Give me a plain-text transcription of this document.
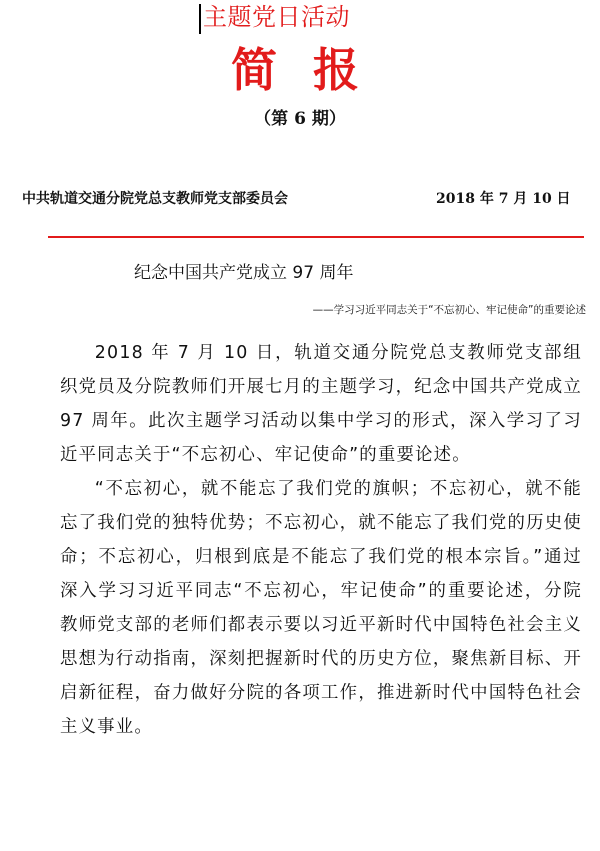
主题党日活动
简 报
（第 6 期）
中共轨道交通分院党总支教师党支部委员会	2018 年 7 月 10 日
纪念中国共产党成立 97 周年
——学习习近平同志关于“不忘初心、牢记使命”的重要论述

2018 年 7 月 10 日，轨道交通分院党总支教师党支部组织党员及分院教师们开展七月的主题学习，纪念中国共产党成立 97 周年。此次主题学习活动以集中学习的形式，深入学习了习近平同志关于“不忘初心、牢记使命”的重要论述。

“不忘初心，就不能忘了我们党的旗帜；不忘初心，就不能忘了我们党的独特优势；不忘初心，就不能忘了我们党的历史使命；不忘初心，归根到底是不能忘了我们党的根本宗旨。”通过深入学习习近平同志“不忘初心，牢记使命”的重要论述，分院教师党支部的老师们都表示要以习近平新时代中国特色社会主义思想为行动指南，深刻把握新时代的历史方位，聚焦新目标、开启新征程，奋力做好分院的各项工作，推进新时代中国特色社会主义事业。
